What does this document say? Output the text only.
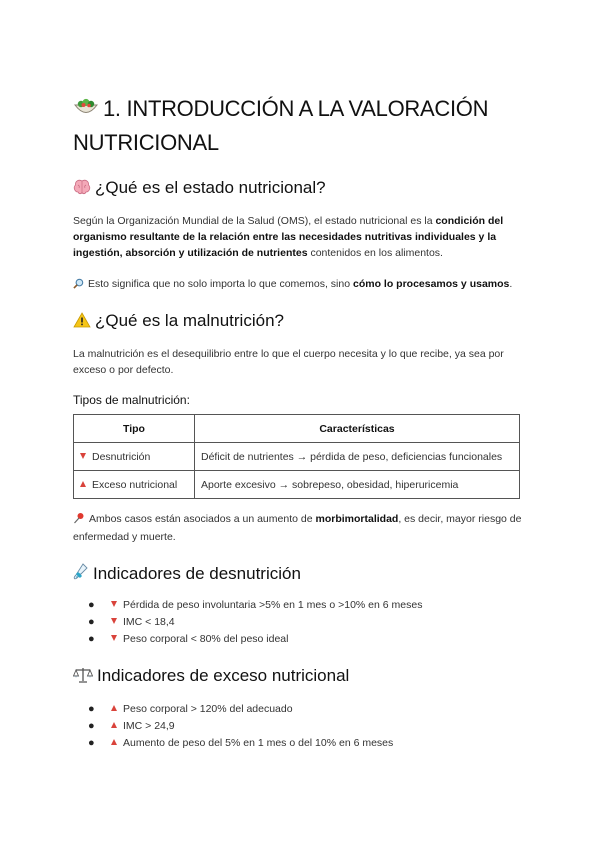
1. INTRODUCCIÓN A LA VALORACIÓN NUTRICIONAL
¿Qué es el estado nutricional?

Según la Organización Mundial de la Salud (OMS), el estado nutricional es la condición del organismo resultante de la relación entre las necesidades nutritivas individuales y la ingestión, absorción y utilización de nutrientes contenidos en los alimentos.

Esto significa que no solo importa lo que comemos, sino cómo lo procesamos y usamos.

¿Qué es la malnutrición?

La malnutrición es el desequilibrio entre lo que el cuerpo necesita y lo que recibe, ya sea por exceso o por defecto.

Tipos de malnutrición:
Tipo	Características
Desnutrición	Déficit de nutrientes → pérdida de peso, deficiencias funcionales
Exceso nutricional	Aporte excesivo → sobrepeso, obesidad, hiperuricemia

Ambos casos están asociados a un aumento de morbimortalidad, es decir, mayor riesgo de enfermedad y muerte.

Indicadores de desnutrición
●	Pérdida de peso involuntaria >5% en 1 mes o >10% en 6 meses
●	IMC < 18,4
●	Peso corporal < 80% del peso ideal
Indicadores de exceso nutricional
●	Peso corporal > 120% del adecuado
●	IMC > 24,9
●	Aumento de peso del 5% en 1 mes o del 10% en 6 meses
